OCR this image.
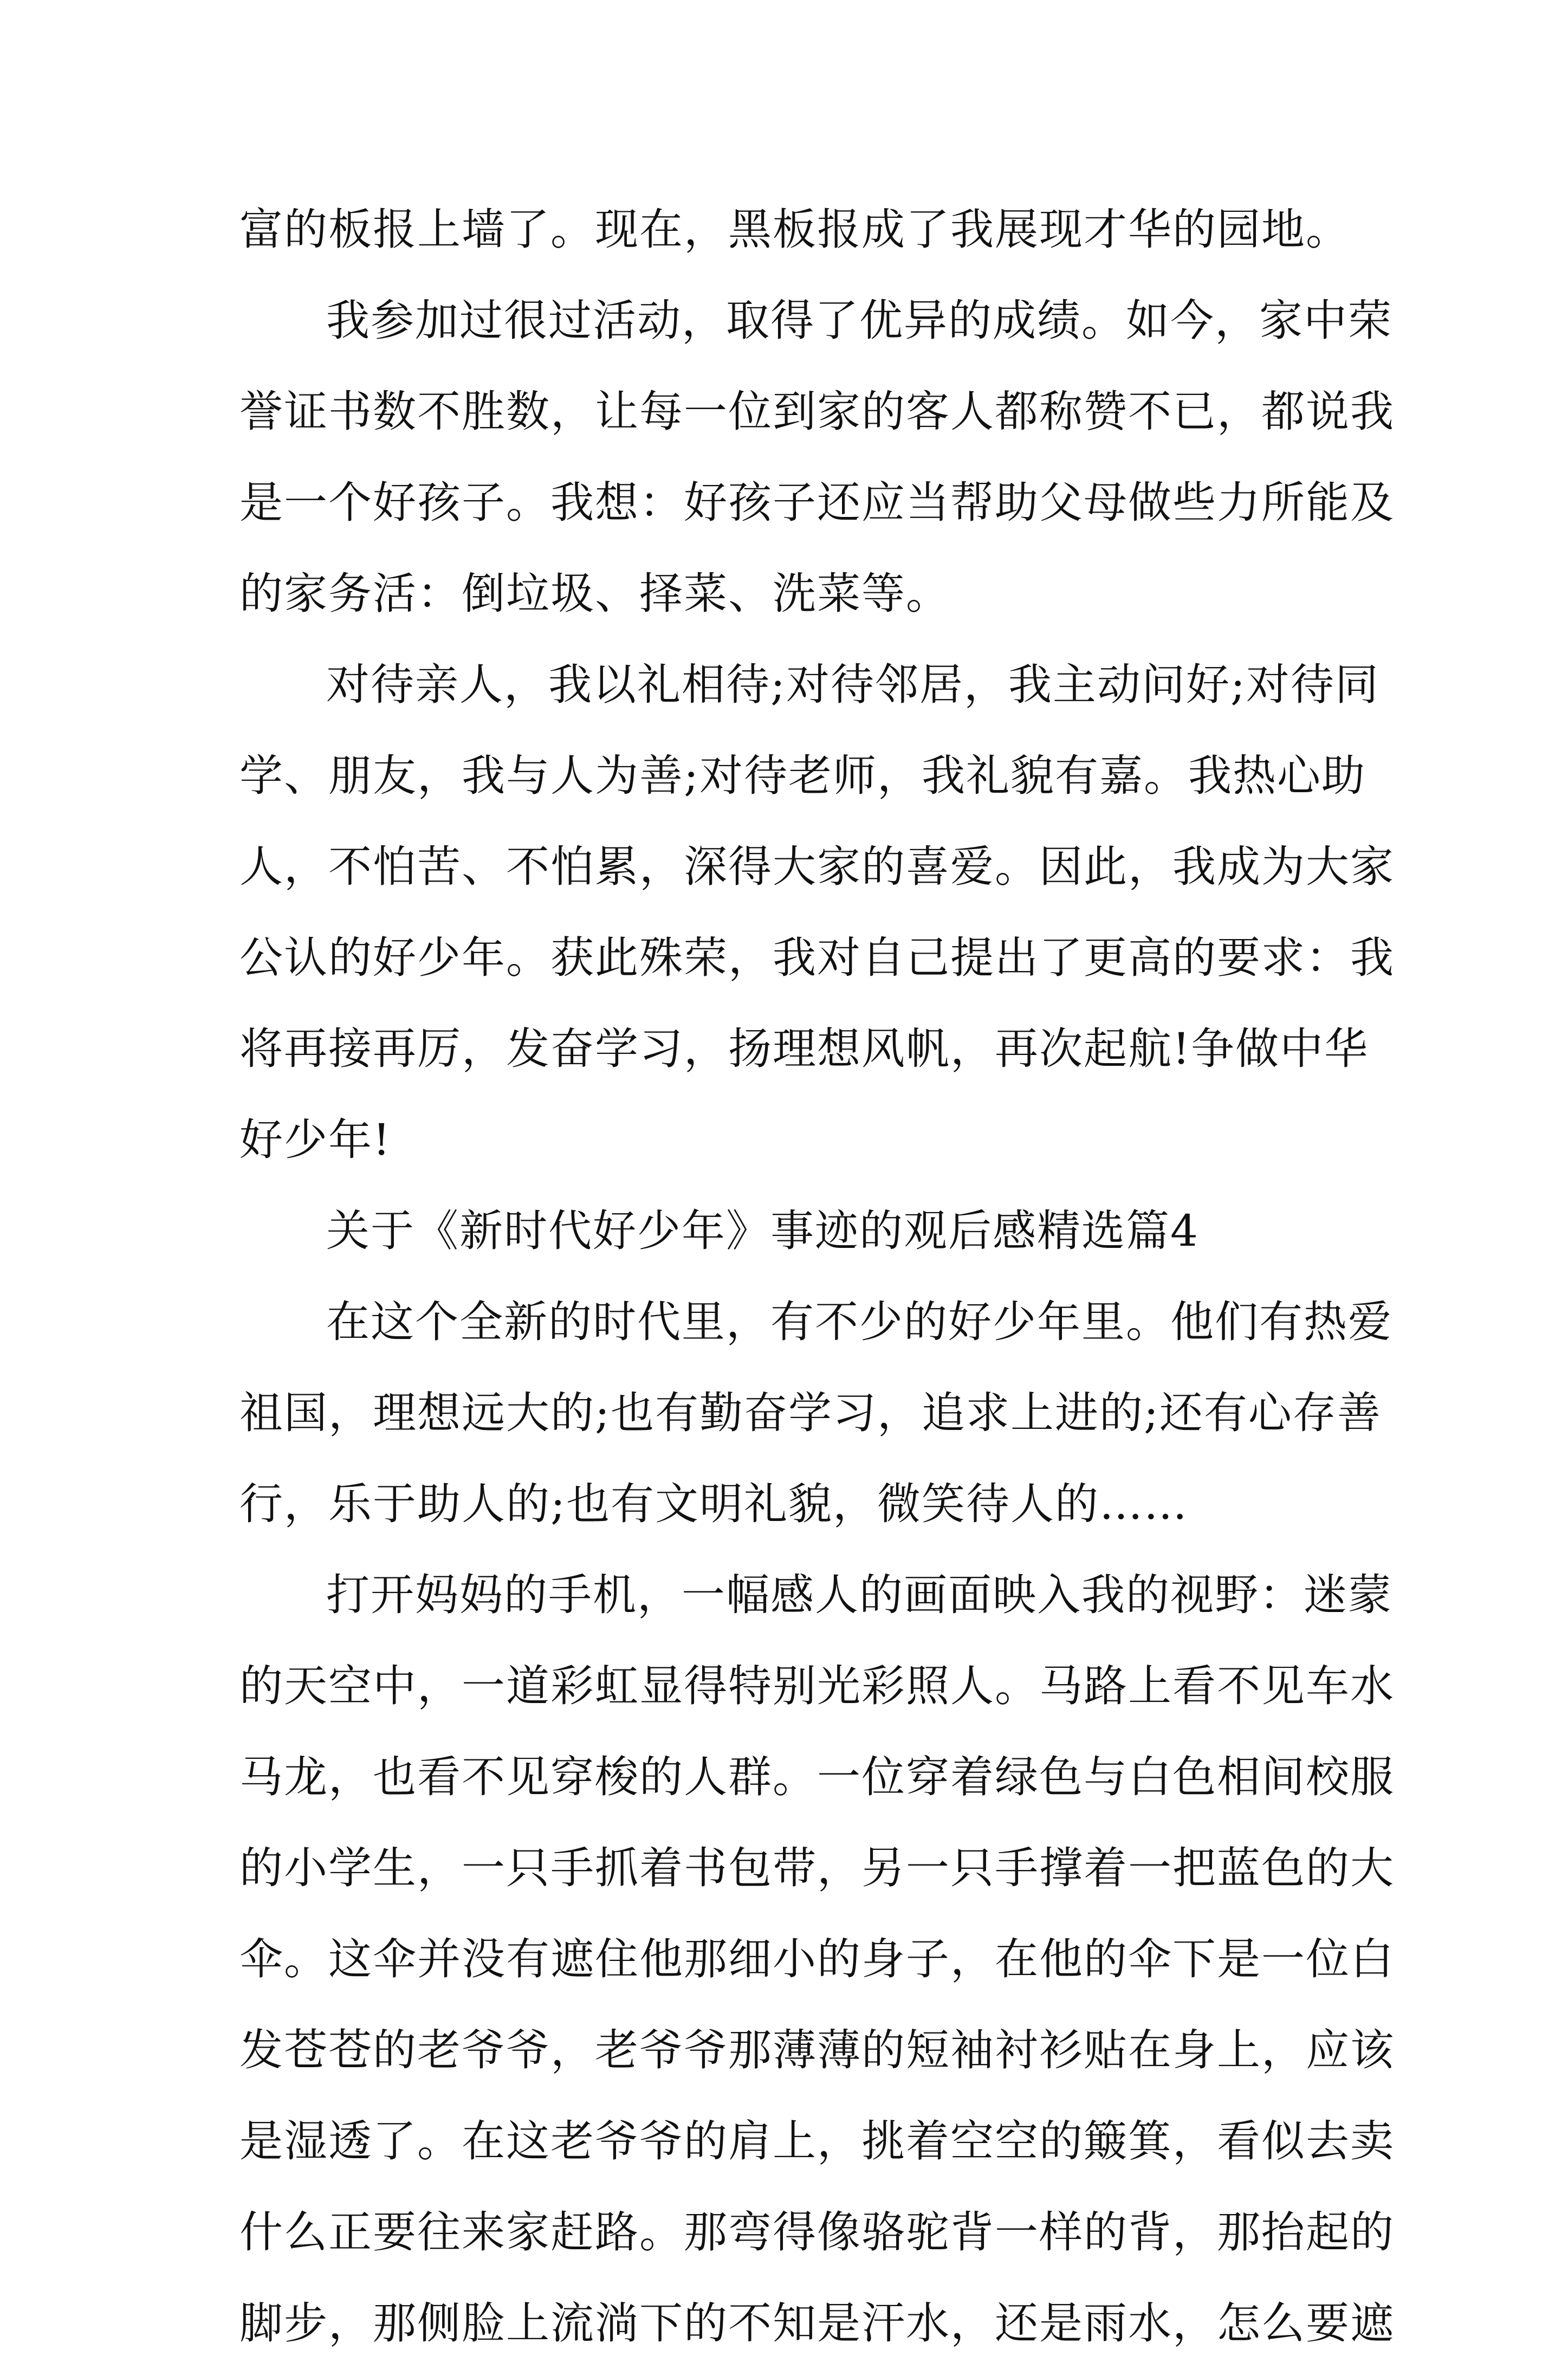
富的板报上墙了。现在，黑板报成了我展现才华的园地。
我参加过很过活动，取得了优异的成绩。如今，家中荣
誉证书数不胜数，让每一位到家的客人都称赞不已，都说我
是一个好孩子。我想：好孩子还应当帮助父母做些力所能及
的家务活：倒垃圾、择菜、洗菜等。
对待亲人，我以礼相待;对待邻居，我主动问好;对待同
学、朋友，我与人为善;对待老师，我礼貌有嘉。我热心助
人，不怕苦、不怕累，深得大家的喜爱。因此，我成为大家
公认的好少年。获此殊荣，我对自己提出了更高的要求：我
将再接再厉，发奋学习，扬理想风帆，再次起航!争做中华
好少年!
关于《新时代好少年》事迹的观后感精选篇4
在这个全新的时代里，有不少的好少年里。他们有热爱
祖国，理想远大的;也有勤奋学习，追求上进的;还有心存善
行，乐于助人的;也有文明礼貌，微笑待人的……
打开妈妈的手机，一幅感人的画面映入我的视野：迷蒙
的天空中，一道彩虹显得特别光彩照人。马路上看不见车水
马龙，也看不见穿梭的人群。一位穿着绿色与白色相间校服
的小学生，一只手抓着书包带，另一只手撑着一把蓝色的大
伞。这伞并没有遮住他那细小的身子，在他的伞下是一位白
发苍苍的老爷爷，老爷爷那薄薄的短袖衬衫贴在身上，应该
是湿透了。在这老爷爷的肩上，挑着空空的簸箕，看似去卖
什么正要往来家赶路。那弯得像骆驼背一样的背，那抬起的
脚步，那侧脸上流淌下的不知是汗水，还是雨水，怎么要遮
